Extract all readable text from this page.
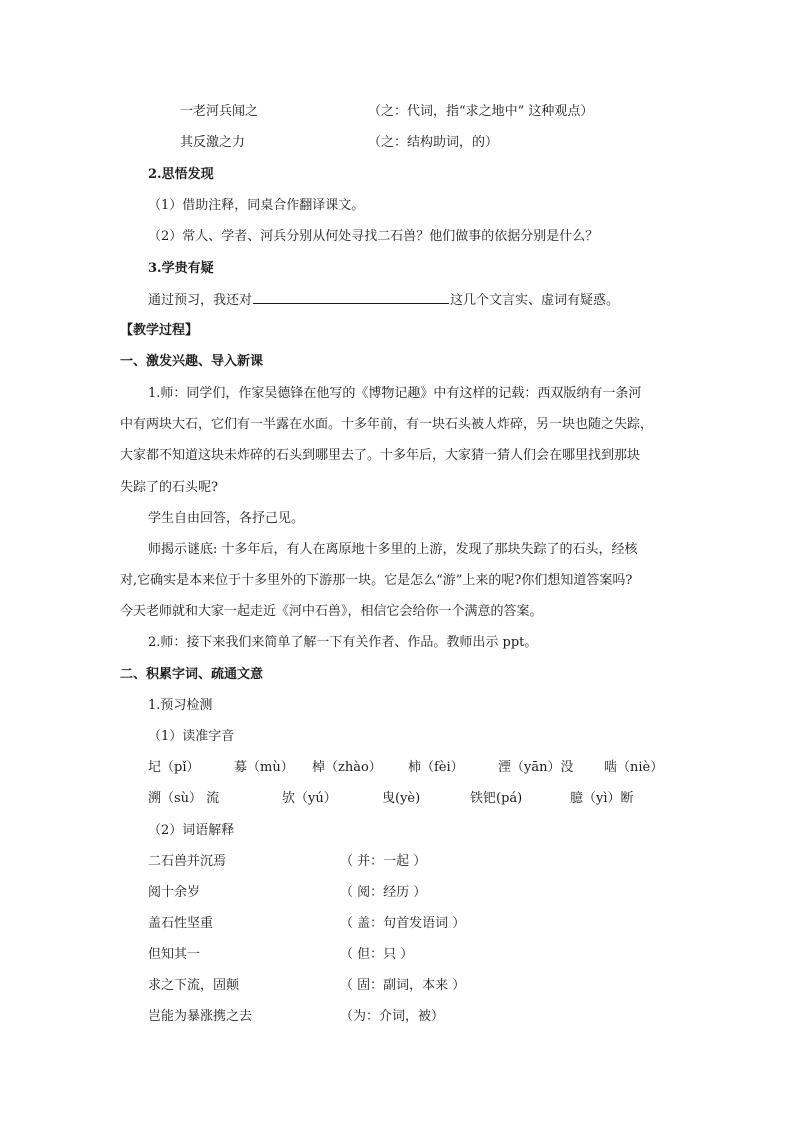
一老河兵闻之	（之：代词，指“求之地中” 这种观点）
其反激之力	（之：结构助词，的）
2.思悟发现
（1）借助注释，同桌合作翻译课文。
（2）常人、学者、河兵分别从何处寻找二石兽？他们做事的依据分别是什么？
3.学贵有疑
通过预习，我还对	这几个文言实、虚词有疑惑。
【教学过程】
一、激发兴趣、导入新课
1.师：同学们，作家吴德锋在他写的《博物记趣》中有这样的记载：西双版纳有一条河
中有两块大石，它们有一半露在水面。十多年前，有一块石头被人炸碎，另一块也随之失踪，
大家都不知道这块未炸碎的石头到哪里去了。十多年后，大家猜一猜人们会在哪里找到那块
失踪了的石头呢?
学生自由回答，各抒己见。
师揭示谜底: 十多年后，有人在离原地十多里的上游，发现了那块失踪了的石头，经核
对,它确实是本来位于十多里外的下游那一块。它是怎么“游”上来的呢?你们想知道答案吗?
今天老师就和大家一起走近《河中石兽》，相信它会给你一个满意的答案。
2.师：接下来我们来简单了解一下有关作者、作品。教师出示 ppt。
二、积累字词、疏通文意
1.预习检测
（1）读准字音
圮（pǐ）	募（mù） 棹（zhào） 柿（fèi）	湮（yān）没 啮（niè）
溯（sù） 流	欤（yú）	曳(yè)	铁钯(pá)	臆（yì）断
（2）词语解释
二石兽并沉焉	（ 并：一起 ）
阅十余岁	（ 阅：经历 ）
盖石性坚重	（ 盖：句首发语词 ）
但知其一	（ 但：只 ）
求之下流，固颠	（ 固：副词，本来 ）
岂能为暴涨携之去	（为：介词，被）
